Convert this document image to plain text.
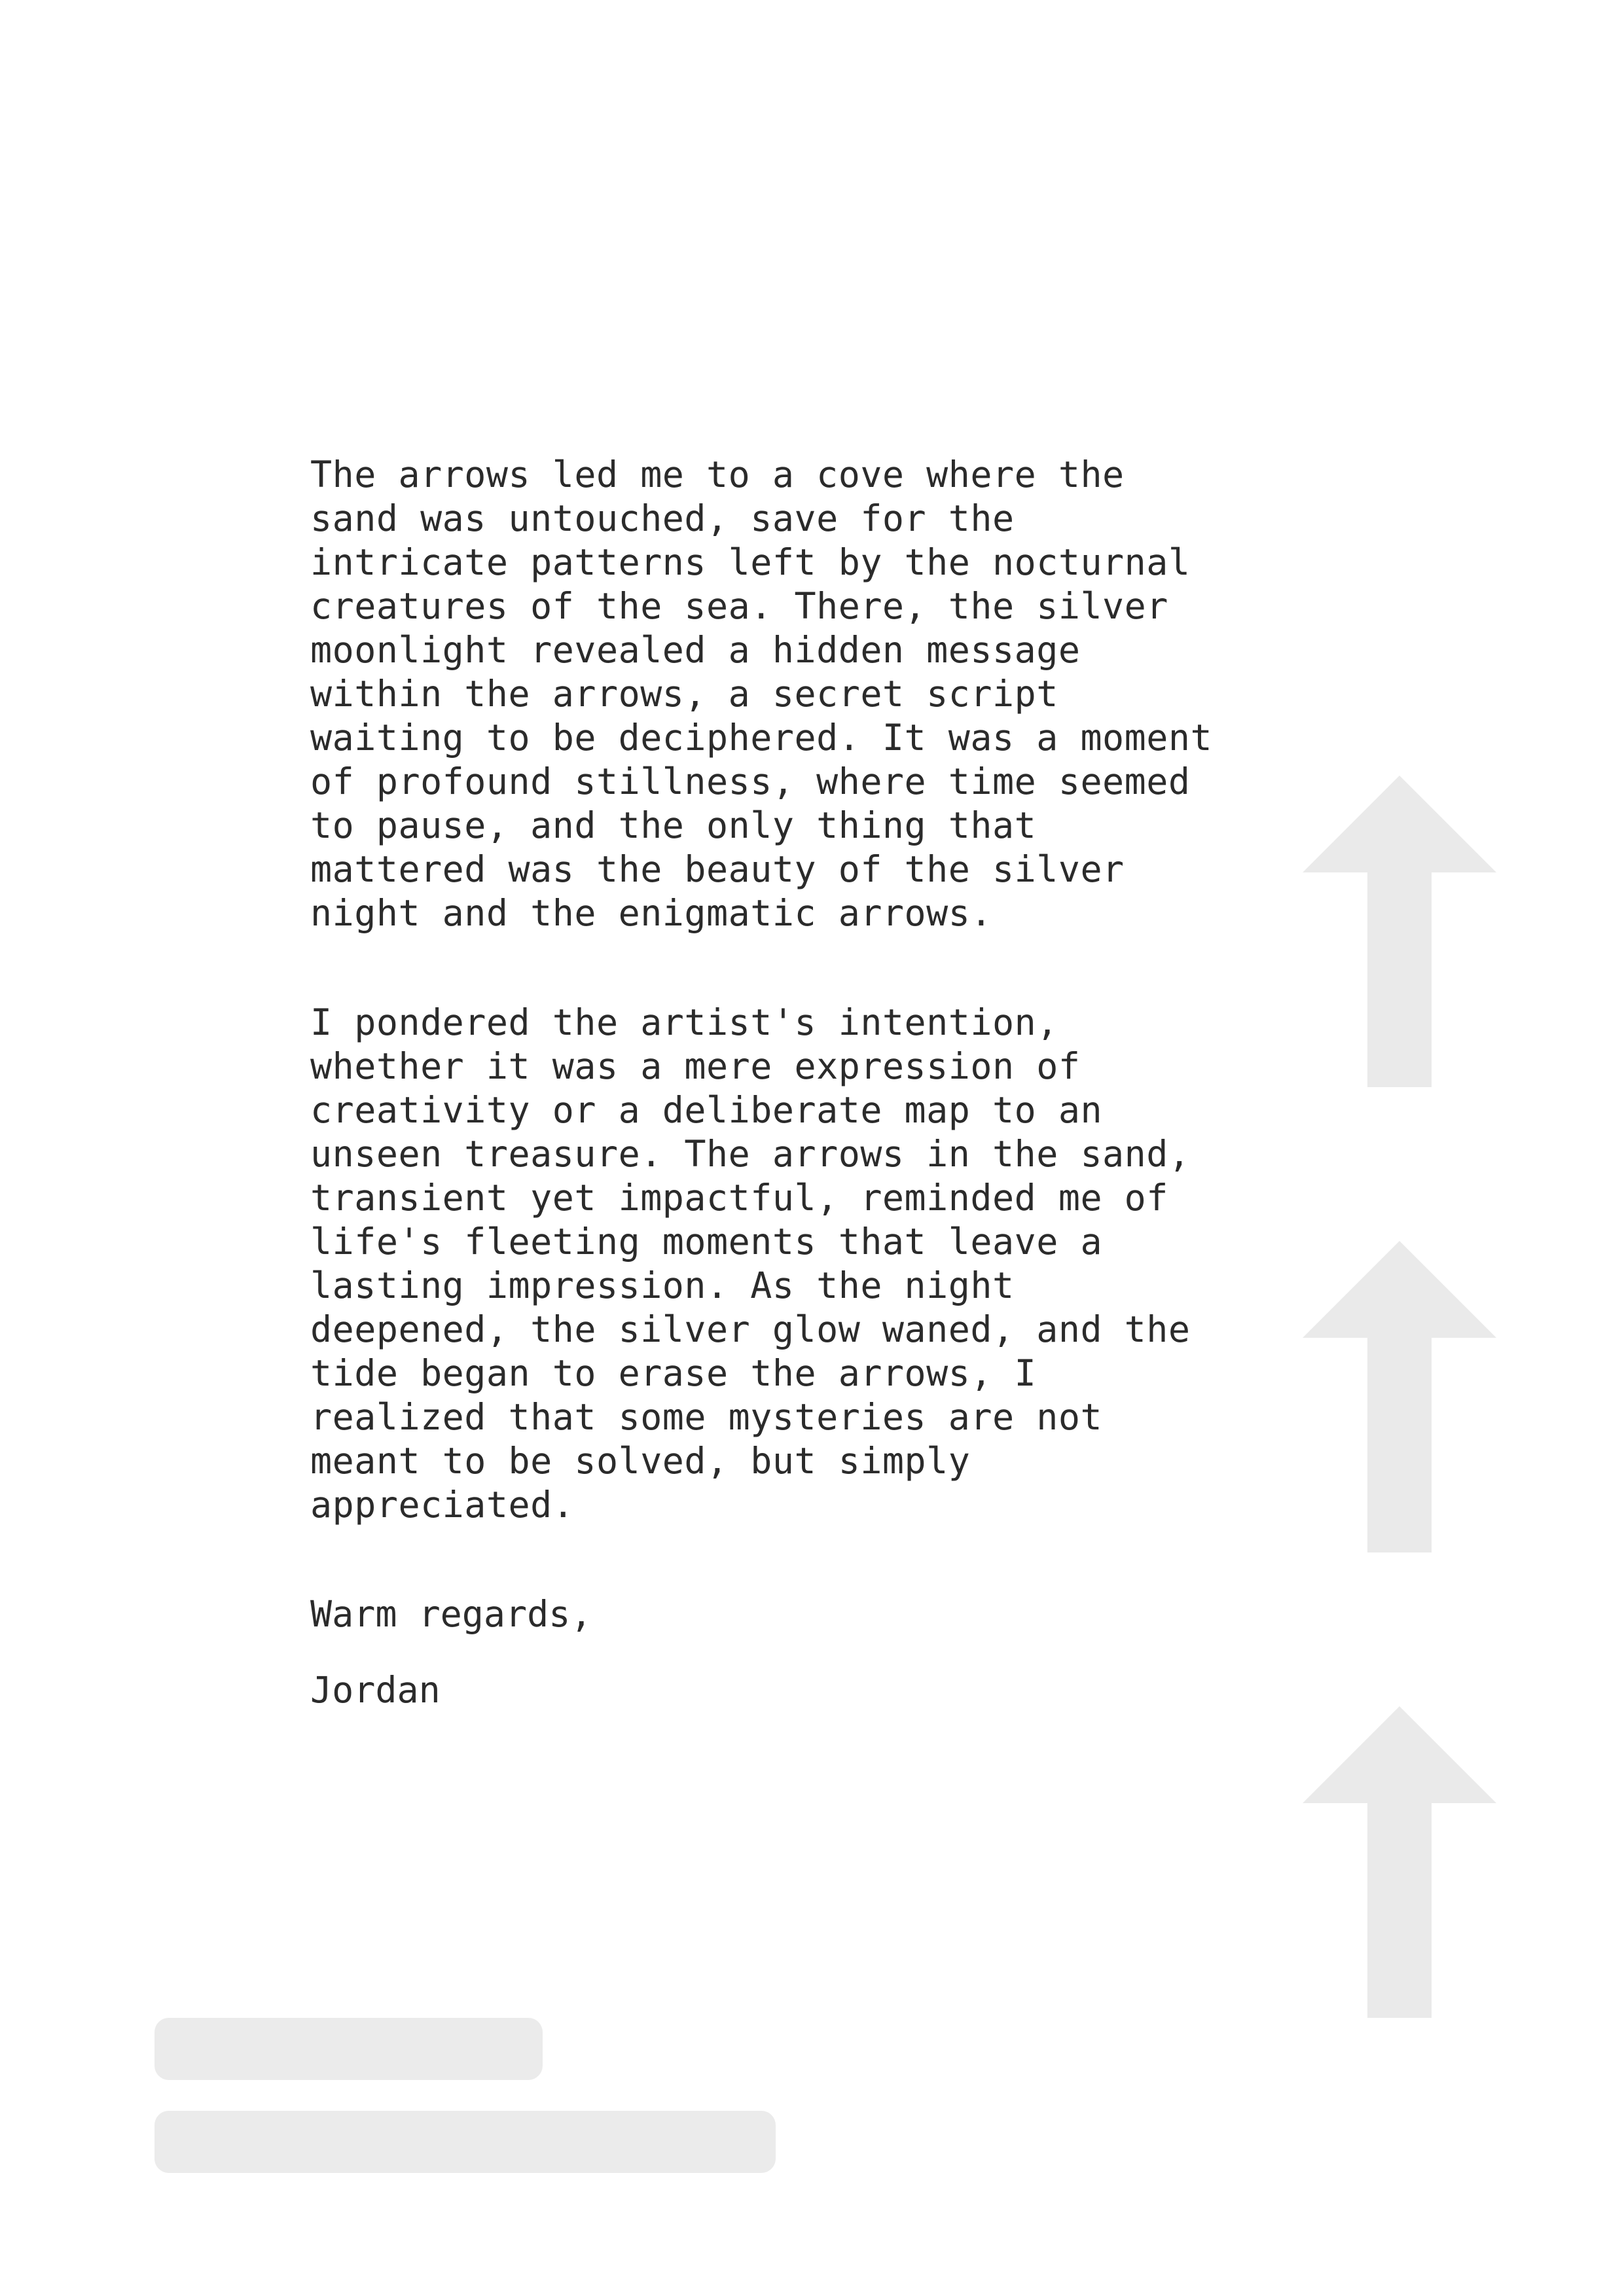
The arrows led me to a cove where the
sand was untouched, save for the
intricate patterns left by the nocturnal
creatures of the sea. There, the silver
moonlight revealed a hidden message
within the arrows, a secret script
waiting to be deciphered. It was a moment
of profound stillness, where time seemed
to pause, and the only thing that
mattered was the beauty of the silver
night and the enigmatic arrows.

I pondered the artist's intention,
whether it was a mere expression of
creativity or a deliberate map to an
unseen treasure. The arrows in the sand,
transient yet impactful, reminded me of
life's fleeting moments that leave a
lasting impression. As the night
deepened, the silver glow waned, and the
tide began to erase the arrows, I
realized that some mysteries are not
meant to be solved, but simply
appreciated.

Warm regards,

Jordan
